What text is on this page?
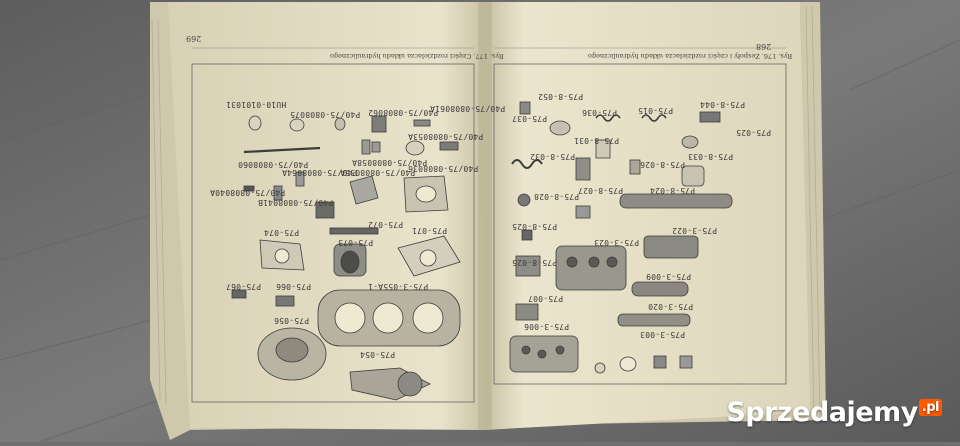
269
Rys. 177. Części rozdzielacza układu hydraulicznego
268
Rys. 176. Zespoły i części rozdzielacza układu hydraulicznego
HU10-0101031	P40/75-0808061A
P40/75-0808062
P40/75-0808075
P40/75-0808060
P40/75-0808053A
P40/75-0808058A
P40/75-0808064A
P40/75-0808035A
P40/75-0808036
P40/75-0808041B
P40/75-0808040A
P75-072
P75-071
P75-073
P75-074
P75-3-055A-1
P75-066
P75-067
P75-056
P75-054
P75-8-052
P75-037
P75-036	P75-015
P75-8-044
P75-025
P75-8-031
P75-8-032	P75-8-033
P75-8-026
P75-8-027
P75-8-028
P75-8-024
P75-8-025
P75-3-023
P75-3-022
P75-8-025
P75-007
P75-3-009
P75-3-006
P75-3-020
P75-3-003
Sprzedajemy .pl
